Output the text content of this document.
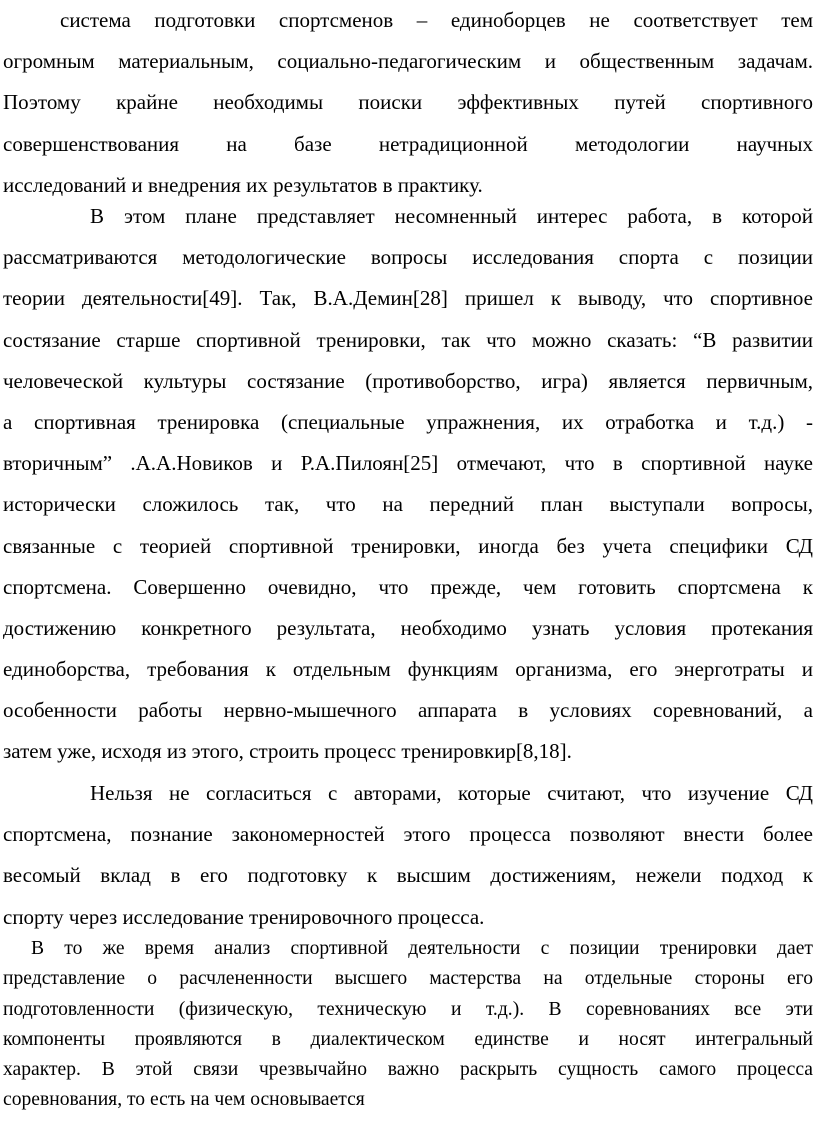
система подготовки спортсменов – единоборцев не соответствует тем
огромным материальным, социально-педагогическим и общественным задачам.
Поэтому крайне необходимы поиски эффективных путей спортивного
совершенствования на базе нетрадиционной методологии научных
исследований и внедрения их результатов в практику.
В этом плане представляет несомненный интерес работа, в которой
рассматриваются методологические вопросы исследования спорта с позиции
теории деятельности[49]. Так, В.А.Демин[28] пришел к выводу, что спортивное
состязание старше спортивной тренировки, так что можно сказать: “В развитии
человеческой культуры состязание (противоборство, игра) является первичным,
а спортивная тренировка (специальные упражнения, их отработка и т.д.) -
вторичным” .А.А.Новиков и Р.А.Пилоян[25] отмечают, что в спортивной науке
исторически сложилось так, что на передний план выступали вопросы,
связанные с теорией спортивной тренировки, иногда без учета специфики СД
спортсмена. Совершенно очевидно, что прежде, чем готовить спортсмена к
достижению конкретного результата, необходимо узнать условия протекания
единоборства, требования к отдельным функциям организма, его энерготраты и
особенности работы нервно-мышечного аппарата в условиях соревнований, а
затем уже, исходя из этого, строить процесс тренировкир[8,18].
Нельзя не согласиться с авторами, которые считают, что изучение СД
спортсмена, познание закономерностей этого процесса позволяют внести более
весомый вклад в его подготовку к высшим достижениям, нежели подход к
спорту через исследование тренировочного процесса.
В то же время анализ спортивной деятельности с позиции тренировки дает
представление о расчлененности высшего мастерства на отдельные стороны его
подготовленности (физическую, техническую и т.д.). В соревнованиях все эти
компоненты проявляются в диалектическом единстве и носят интегральный
характер. В этой связи чрезвычайно важно раскрыть сущность самого процесса
соревнования, то есть на чем основывается
